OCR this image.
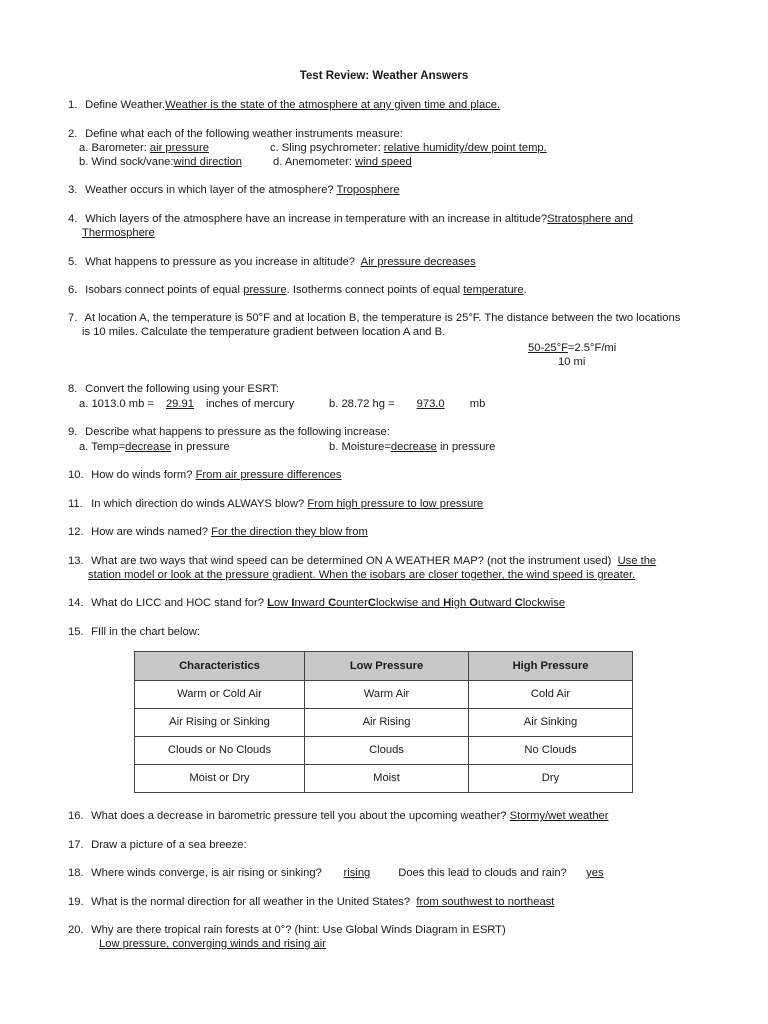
Test Review: Weather Answers
1. Define Weather.Weather is the state of the atmosphere at any given time and place.
2. Define what each of the following weather instruments measure:
a. Barometer: air pressure	c. Sling psychrometer: relative humidity/dew point temp.
b. Wind sock/vane:wind direction	d. Anemometer: wind speed
3. Weather occurs in which layer of the atmosphere? Troposphere
4. Which layers of the atmosphere have an increase in temperature with an increase in altitude?Stratosphere and
Thermosphere
5. What happens to pressure as you increase in altitude? Air pressure decreases
6. Isobars connect points of equal pressure. Isotherms connect points of equal temperature.
7. At location A, the temperature is 50°F and at location B, the temperature is 25°F. The distance between the two locations
is 10 miles. Calculate the temperature gradient between location A and B.
50-25°F=2.5°F/mi
10 mi
8. Convert the following using your ESRT:
a. 1013.0 mb = 29.91 inches of mercury	b. 28.72 hg = 973.0 mb
9. Describe what happens to pressure as the following increase:
a. Temp=decrease in pressure	b. Moisture=decrease in pressure
10. How do winds form? From air pressure differences
11. In which direction do winds ALWAYS blow? From high pressure to low pressure
12. How are winds named? For the direction they blow from
13. What are two ways that wind speed can be determined ON A WEATHER MAP? (not the instrument used) Use the
station model or look at the pressure gradient. When the isobars are closer together, the wind speed is greater.
14. What do LICC and HOC stand for? Low Inward CounterClockwise and High Outward Clockwise
15. FIll in the chart below:
Characteristics	Low Pressure	High Pressure
Warm or Cold Air	Warm Air	Cold Air
Air Rising or Sinking	Air Rising	Air Sinking
Clouds or No Clouds	Clouds	No Clouds
Moist or Dry	Moist	Dry
16. What does a decrease in barometric pressure tell you about the upcoming weather? Stormy/wet weather
17. Draw a picture of a sea breeze:
18. Where winds converge, is air rising or sinking? rising Does this lead to clouds and rain? yes
19. What is the normal direction for all weather in the United States? from southwest to northeast
20. Why are there tropical rain forests at 0°? (hint: Use Global Winds Diagram in ESRT)
Low pressure, converging winds and rising air
